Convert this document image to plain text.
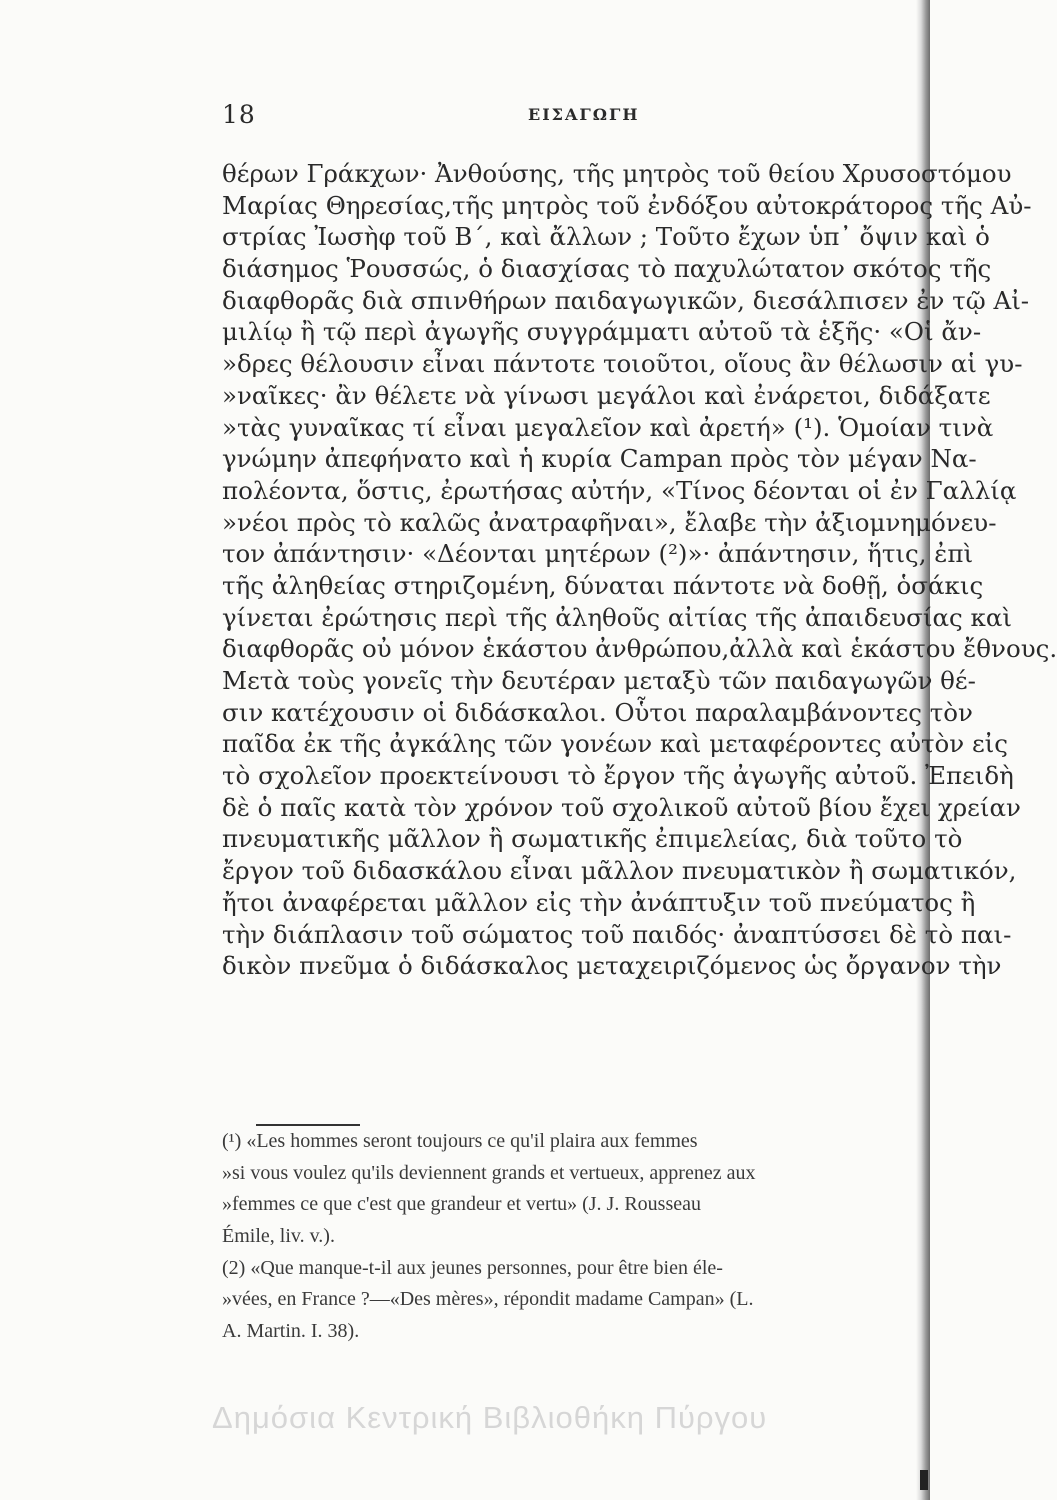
18	ΕΙΣΑΓΩΓΗ
θέρων Γράκχων· Ἀνθούσης, τῆς μητρὸς τοῦ θείου Χρυσοστόμου
Μαρίας Θηρεσίας,τῆς μητρὸς τοῦ ἐνδόξου αὐτοκράτορος τῆς Αὐ-
στρίας Ἰωσὴφ τοῦ Β΄, καὶ ἄλλων ; Τοῦτο ἔχων ὑπ᾽ ὄψιν καὶ ὁ
διάσημος Ῥουσσώς, ὁ διασχίσας τὸ παχυλώτατον σκότος τῆς
διαφθορᾶς διὰ σπινθήρων παιδαγωγικῶν, διεσάλπισεν ἐν τῷ Αἰ-
μιλίῳ ἢ τῷ περὶ ἀγωγῆς συγγράμματι αὐτοῦ τὰ ἑξῆς· «Οἱ ἄν-
»δρες θέλουσιν εἶναι πάντοτε τοιοῦτοι, οἵους ἂν θέλωσιν αἱ γυ-
»ναῖκες· ἂν θέλετε νὰ γίνωσι μεγάλοι καὶ ἐνάρετοι, διδάξατε
»τὰς γυναῖκας τί εἶναι μεγαλεῖον καὶ ἀρετή» (¹). Ὁμοίαν τινὰ
γνώμην ἀπεφήνατο καὶ ἡ κυρία Campan πρὸς τὸν μέγαν Να-
πολέοντα, ὅστις, ἐρωτήσας αὐτήν, «Τίνος δέονται οἱ ἐν Γαλλίᾳ
»νέοι πρὸς τὸ καλῶς ἀνατραφῆναι», ἔλαβε τὴν ἀξιομνημόνευ-
τον ἀπάντησιν· «Δέονται μητέρων (²)»· ἀπάντησιν, ἥτις, ἐπὶ
τῆς ἀληθείας στηριζομένη, δύναται πάντοτε νὰ δοθῇ, ὁσάκις
γίνεται ἐρώτησις περὶ τῆς ἀληθοῦς αἰτίας τῆς ἀπαιδευσίας καὶ
διαφθορᾶς οὐ μόνον ἑκάστου ἀνθρώπου,ἀλλὰ καὶ ἑκάστου ἔθνους.
Μετὰ τοὺς γονεῖς τὴν δευτέραν μεταξὺ τῶν παιδαγωγῶν θέ-
σιν κατέχουσιν οἱ διδάσκαλοι. Οὗτοι παραλαμβάνοντες τὸν
παῖδα ἐκ τῆς ἀγκάλης τῶν γονέων καὶ μεταφέροντες αὐτὸν εἰς
τὸ σχολεῖον προεκτείνουσι τὸ ἔργον τῆς ἀγωγῆς αὐτοῦ. Ἐπειδὴ
δὲ ὁ παῖς κατὰ τὸν χρόνον τοῦ σχολικοῦ αὐτοῦ βίου ἔχει χρείαν
πνευματικῆς μᾶλλον ἢ σωματικῆς ἐπιμελείας, διὰ τοῦτο τὸ
ἔργον τοῦ διδασκάλου εἶναι μᾶλλον πνευματικὸν ἢ σωματικόν,
ἤτοι ἀναφέρεται μᾶλλον εἰς τὴν ἀνάπτυξιν τοῦ πνεύματος ἢ
τὴν διάπλασιν τοῦ σώματος τοῦ παιδός· ἀναπτύσσει δὲ τὸ παι-
δικὸν πνεῦμα ὁ διδάσκαλος μεταχειριζόμενος ὡς ὄργανον τὴν
(¹) «Les hommes seront toujours ce qu'il plaira aux femmes
»si vous voulez qu'ils deviennent grands et vertueux, apprenez aux
»femmes ce que c'est que grandeur et vertu» (J. J. Rousseau
Émile, liv. v.).
(2) «Que manque-t-il aux jeunes personnes, pour être bien éle-
»vées, en France ?—«Des mères», répondit madame Campan» (L.
A. Martin. I. 38).
Δημόσια Κεντρική Βιβλιοθήκη Πύργου
